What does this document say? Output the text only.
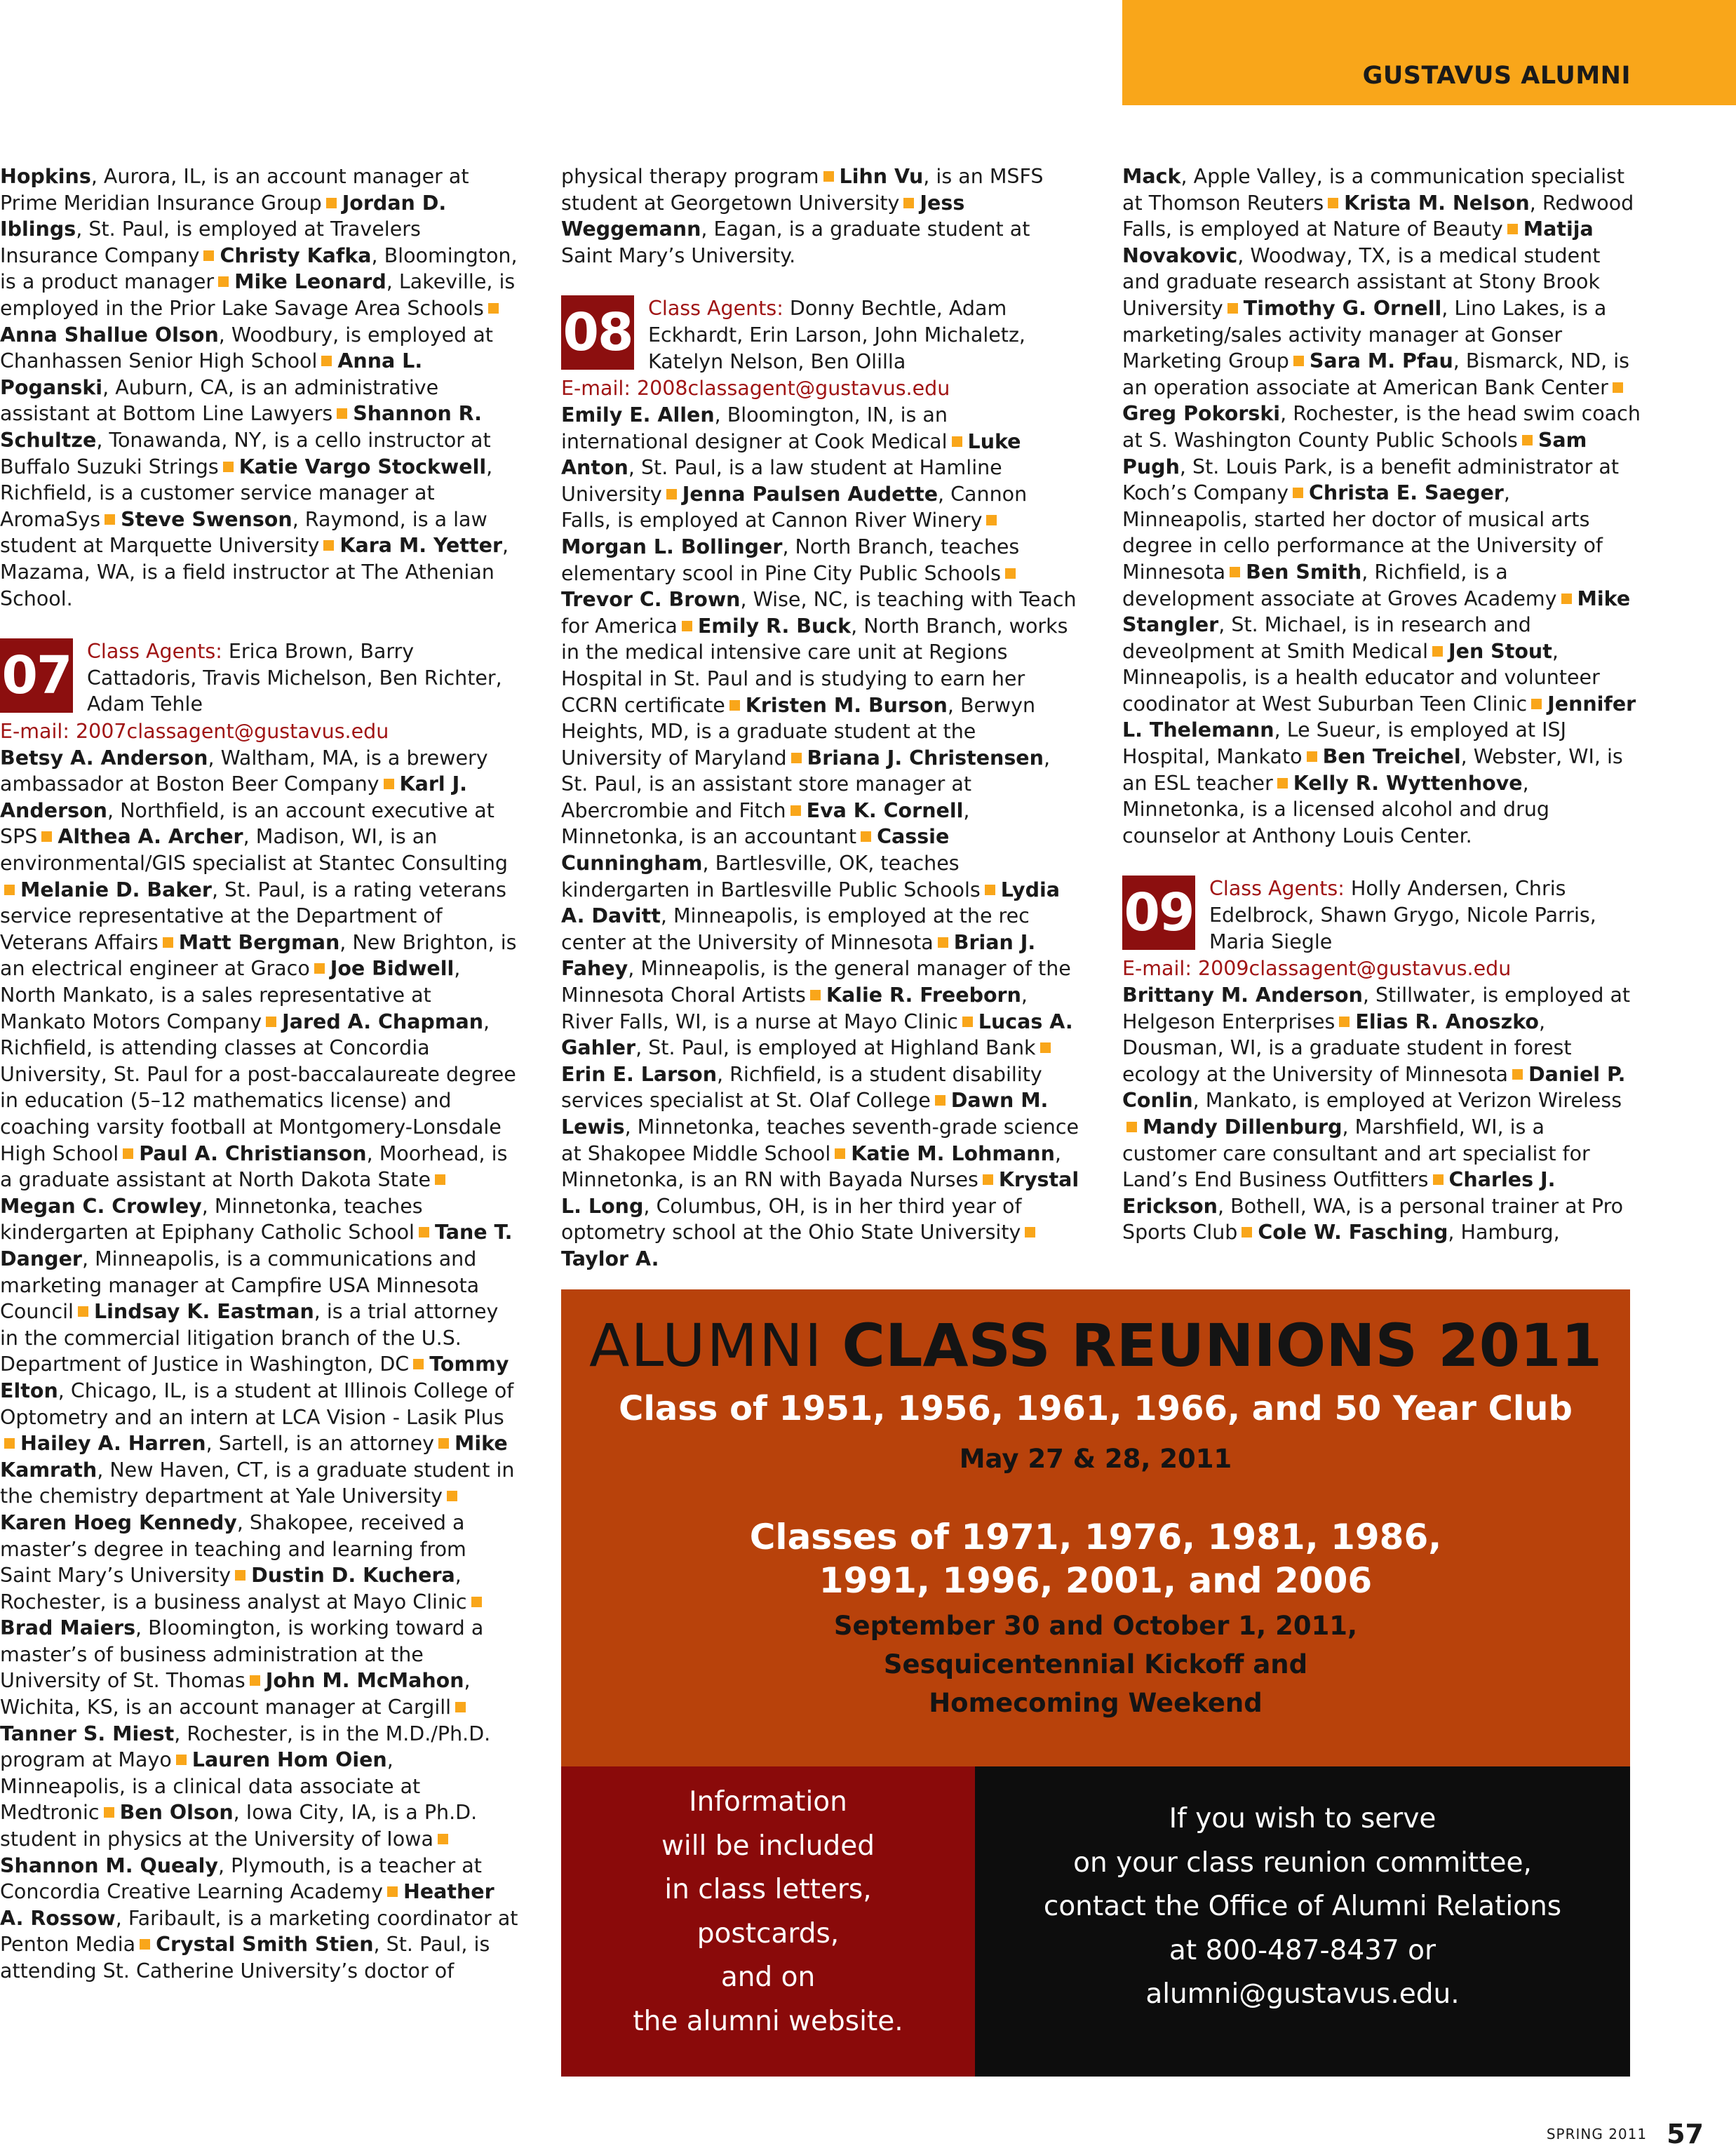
GUSTAVUS ALUMNI

Hopkins, Aurora, IL, is an account manager at Prime Meridian Insurance Group Jordan D. Iblings, St. Paul, is employed at Travelers Insurance Company Christy Kafka, Bloomington, is a product manager Mike Leonard, Lakeville, is employed in the Prior Lake Savage Area SchoolsAnna Shallue Olson, Woodbury, is employed at Chanhassen Senior High School Anna L. Poganski, Auburn, CA, is an administrative assistant at Bottom Line Lawyers Shannon R. Schultze, Tonawanda, NY, is a cello instructor at Buffalo Suzuki Strings Katie Vargo Stockwell, Richfield, is a customer service manager at AromaSys Steve Swenson, Raymond, is a law student at Marquette University Kara M. Yetter, Mazama, WA, is a field instructor at The Athenian School.

07 Class Agents: Erica Brown, Barry Cattadoris, Travis Michelson, Ben Richter, Adam Tehle
E-mail: 2007classagent@gustavus.edu

Betsy A. Anderson, Waltham, MA, is a brewery ambassador at Boston Beer Company Karl J. Anderson, Northfield, is an account executive at SPS Althea A. Archer, Madison, WI, is an environmental/GIS specialist at Stantec ConsultingMelanie D. Baker, St. Paul, is a rating veterans service representative at the Department of Veterans Affairs Matt Bergman, New Brighton, is an electrical engineer at Graco Joe Bidwell, North Mankato, is a sales representative at Mankato Motors Company Jared A. Chapman, Richfield, is attending classes at Concordia University, St. Paul for a post-baccalaureate degree in education (5–12 mathematics license) and coaching varsity football at Montgomery-Lonsdale High School Paul A. Christianson, Moorhead, is a graduate assistant at North Dakota StateMegan C. Crowley, Minnetonka, teaches kindergarten at Epiphany Catholic School Tane T. Danger, Minneapolis, is a communications and marketing manager at Campfire USA Minnesota Council Lindsay K. Eastman, is a trial attorney in the commercial litigation branch of the U.S. Department of Justice in Washington, DC Tommy Elton, Chicago, IL, is a student at Illinois College of Optometry and an intern at LCA Vision - Lasik PlusHailey A. Harren, Sartell, is an attorney Mike Kamrath, New Haven, CT, is a graduate student in the chemistry department at Yale UniversityKaren Hoeg Kennedy, Shakopee, received a master’s degree in teaching and learning from Saint Mary’s University Dustin D. Kuchera, Rochester, is a business analyst at Mayo ClinicBrad Maiers, Bloomington, is working toward a master’s of business administration at the University of St. Thomas John M. McMahon, Wichita, KS, is an account manager at CargillTanner S. Miest, Rochester, is in the M.D./Ph.D. program at Mayo Lauren Hom Oien, Minneapolis, is a clinical data associate at Medtronic Ben Olson, Iowa City, IA, is a Ph.D. student in physics at the University of IowaShannon M. Quealy, Plymouth, is a teacher at Concordia Creative Learning Academy Heather A. Rossow, Faribault, is a marketing coordinator at Penton Media Crystal Smith Stien, St. Paul, is attending St. Catherine University’s doctor of

physical therapy program Lihn Vu, is an MSFS student at Georgetown University Jess Weggemann, Eagan, is a graduate student at Saint Mary’s University.

08 Class Agents: Donny Bechtle, Adam Eckhardt, Erin Larson, John Michaletz, Katelyn Nelson, Ben Olilla
E-mail: 2008classagent@gustavus.edu

Emily E. Allen, Bloomington, IN, is an international designer at Cook Medical Luke Anton, St. Paul, is a law student at Hamline University Jenna Paulsen Audette, Cannon Falls, is employed at Cannon River WineryMorgan L. Bollinger, North Branch, teaches elementary scool in Pine City Public SchoolsTrevor C. Brown, Wise, NC, is teaching with Teach for America Emily R. Buck, North Branch, works in the medical intensive care unit at Regions Hospital in St. Paul and is studying to earn her CCRN certificate Kristen M. Burson, Berwyn Heights, MD, is a graduate student at the University of Maryland Briana J. Christensen, St. Paul, is an assistant store manager at Abercrombie and Fitch Eva K. Cornell, Minnetonka, is an accountant Cassie Cunningham, Bartlesville, OK, teaches kindergarten in Bartlesville Public Schools Lydia A. Davitt, Minneapolis, is employed at the rec center at the University of Minnesota Brian J. Fahey, Minneapolis, is the general manager of the Minnesota Choral Artists Kalie R. Freeborn, River Falls, WI, is a nurse at Mayo Clinic Lucas A. Gahler, St. Paul, is employed at Highland BankErin E. Larson, Richfield, is a student disability services specialist at St. Olaf College Dawn M. Lewis, Minnetonka, teaches seventh-grade science at Shakopee Middle School Katie M. Lohmann, Minnetonka, is an RN with Bayada Nurses Krystal L. Long, Columbus, OH, is in her third year of optometry school at the Ohio State UniversityTaylor A.

Mack, Apple Valley, is a communication specialist at Thomson Reuters Krista M. Nelson, Redwood Falls, is employed at Nature of Beauty Matija Novakovic, Woodway, TX, is a medical student and graduate research assistant at Stony Brook University Timothy G. Ornell, Lino Lakes, is a marketing/sales activity manager at Gonser Marketing Group Sara M. Pfau, Bismarck, ND, is an operation associate at American Bank CenterGreg Pokorski, Rochester, is the head swim coach at S. Washington County Public Schools Sam Pugh, St. Louis Park, is a benefit administrator at Koch’s Company Christa E. Saeger, Minneapolis, started her doctor of musical arts degree in cello performance at the University of Minnesota Ben Smith, Richfield, is a development associate at Groves Academy Mike Stangler, St. Michael, is in research and deveolpment at Smith Medical Jen Stout, Minneapolis, is a health educator and volunteer coodinator at West Suburban Teen Clinic Jennifer L. Thelemann, Le Sueur, is employed at ISJ Hospital, Mankato Ben Treichel, Webster, WI, is an ESL teacher Kelly R. Wyttenhove, Minnetonka, is a licensed alcohol and drug counselor at Anthony Louis Center.

09 Class Agents: Holly Andersen, Chris Edelbrock, Shawn Grygo, Nicole Parris, Maria Siegle
E-mail: 2009classagent@gustavus.edu

Brittany M. Anderson, Stillwater, is employed at Helgeson Enterprises Elias R. Anoszko, Dousman, WI, is a graduate student in forest ecology at the University of Minnesota Daniel P. Conlin, Mankato, is employed at Verizon WirelessMandy Dillenburg, Marshfield, WI, is a customer care consultant and art specialist for Land’s End Business Outfitters Charles J. Erickson, Bothell, WA, is a personal trainer at Pro Sports Club Cole W. Fasching, Hamburg,

ALUMNI CLASS REUNIONS 2011
Class of 1951, 1956, 1961, 1966, and 50 Year Club
May 27 & 28, 2011
Classes of 1971, 1976, 1981, 1986,
1991, 1996, 2001, and 2006
September 30 and October 1, 2011,
Sesquicentennial Kickoff and
Homecoming Weekend
Information
will be included
in class letters,
postcards,
and on
the alumni website.
If you wish to serve
on your class reunion committee,
contact the Office of Alumni Relations
at 800-487-8437 or
alumni@gustavus.edu.
SPRING 2011 57
